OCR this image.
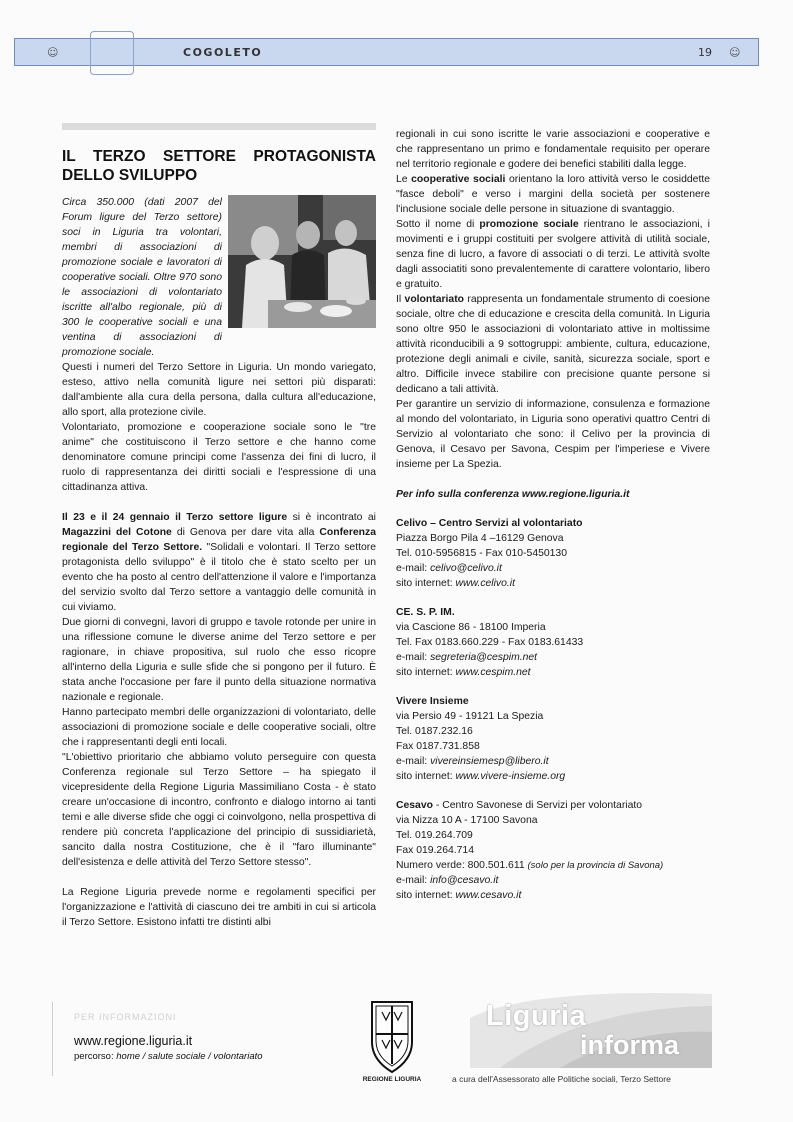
☺	COGOLETO	19 ☺
IL TERZO SETTORE PROTAGONISTA DELLO SVILUPPO

Circa 350.000 (dati 2007 del Forum ligure del Terzo settore) soci in Liguria tra volontari, membri di associazioni di promozione sociale e lavoratori di cooperative sociali. Oltre 970 sono le associazioni di volontariato iscritte all'albo regionale, più di 300 le cooperative sociali e una ventina di associazioni di promozione sociale.

Questi i numeri del Terzo Settore in Liguria. Un mondo variegato, esteso, attivo nella comunità ligure nei settori più disparati: dall'ambiente alla cura della persona, dalla cultura all'educazione, allo sport, alla protezione civile.

Volontariato, promozione e cooperazione sociale sono le "tre anime" che costituiscono il Terzo settore e che hanno come denominatore comune principi come l'assenza dei fini di lucro, il ruolo di rappresentanza dei diritti sociali e l'espressione di una cittadinanza attiva.

Il 23 e il 24 gennaio il Terzo settore ligure si è incontrato ai Magazzini del Cotone di Genova per dare vita alla Conferenza regionale del Terzo Settore. "Solidali e volontari. Il Terzo settore protagonista dello sviluppo" è il titolo che è stato scelto per un evento che ha posto al centro dell'attenzione il valore e l'importanza del servizio svolto dal Terzo settore a vantaggio delle comunità in cui viviamo.

Due giorni di convegni, lavori di gruppo e tavole rotonde per unire in una riflessione comune le diverse anime del Terzo settore e per ragionare, in chiave propositiva, sul ruolo che esso ricopre all'interno della Liguria e sulle sfide che si pongono per il futuro. È stata anche l'occasione per fare il punto della situazione normativa nazionale e regionale.

Hanno partecipato membri delle organizzazioni di volontariato, delle associazioni di promozione sociale e delle cooperative sociali, oltre che i rappresentanti degli enti locali.

"L'obiettivo prioritario che abbiamo voluto perseguire con questa Conferenza regionale sul Terzo Settore – ha spiegato il vicepresidente della Regione Liguria Massimiliano Costa - è stato creare un'occasione di incontro, confronto e dialogo intorno ai tanti temi e alle diverse sfide che oggi ci coinvolgono, nella prospettiva di rendere più concreta l'applicazione del principio di sussidiarietà, sancito dalla nostra Costituzione, che è il "faro illuminante" dell'esistenza e delle attività del Terzo Settore stesso".

La Regione Liguria prevede norme e regolamenti specifici per l'organizzazione e l'attività di ciascuno dei tre ambiti in cui si articola il Terzo Settore. Esistono infatti tre distinti albi

regionali in cui sono iscritte le varie associazioni e cooperative e che rappresentano un primo e fondamentale requisito per operare nel territorio regionale e godere dei benefici stabiliti dalla legge.

Le cooperative sociali orientano la loro attività verso le cosiddette "fasce deboli" e verso i margini della società per sostenere l'inclusione sociale delle persone in situazione di svantaggio.

Sotto il nome di promozione sociale rientrano le associazioni, i movimenti e i gruppi costituiti per svolgere attività di utilità sociale, senza fine di lucro, a favore di associati o di terzi. Le attività svolte dagli associatiti sono prevalentemente di carattere volontario, libero e gratuito.

Il volontariato rappresenta un fondamentale strumento di coesione sociale, oltre che di educazione e crescita della comunità. In Liguria sono oltre 950 le associazioni di volontariato attive in moltissime attività riconducibili a 9 sottogruppi: ambiente, cultura, educazione, protezione degli animali e civile, sanità, sicurezza sociale, sport e altro. Difficile invece stabilire con precisione quante persone si dedicano a tali attività.

Per garantire un servizio di informazione, consulenza e formazione al mondo del volontariato, in Liguria sono operativi quattro Centri di Servizio al volontariato che sono: il Celivo per la provincia di Genova, il Cesavo per Savona, Cespim per l'imperiese e Vivere insieme per La Spezia.

Per info sulla conferenza www.regione.liguria.it

Celivo – Centro Servizi al volontariato
Piazza Borgo Pila 4 –16129 Genova
Tel. 010-5956815 - Fax 010-5450130
e-mail: celivo@celivo.it
sito internet: www.celivo.it
CE. S. P. IM.
via Cascione 86 - 18100 Imperia
Tel. Fax 0183.660.229 - Fax 0183.61433
e-mail: segreteria@cespim.net
sito internet: www.cespim.net
Vivere Insieme
via Persio 49 - 19121 La Spezia
Tel. 0187.232.16
Fax 0187.731.858
e-mail: vivereinsiemesp@libero.it
sito internet: www.vivere-insieme.org
Cesavo - Centro Savonese di Servizi per volontariato
via Nizza 10 A - 17100 Savona
Tel. 019.264.709
Fax 019.264.714
Numero verde: 800.501.611 (solo per la provincia di Savona)
e-mail: info@cesavo.it
sito internet: www.cesavo.it
PER INFORMAZIONI
www.regione.liguria.it
percorso: home / salute sociale / volontariato
REGIONE LIGURIA
Liguria
informa
a cura dell'Assessorato alle Politiche sociali, Terzo Settore
